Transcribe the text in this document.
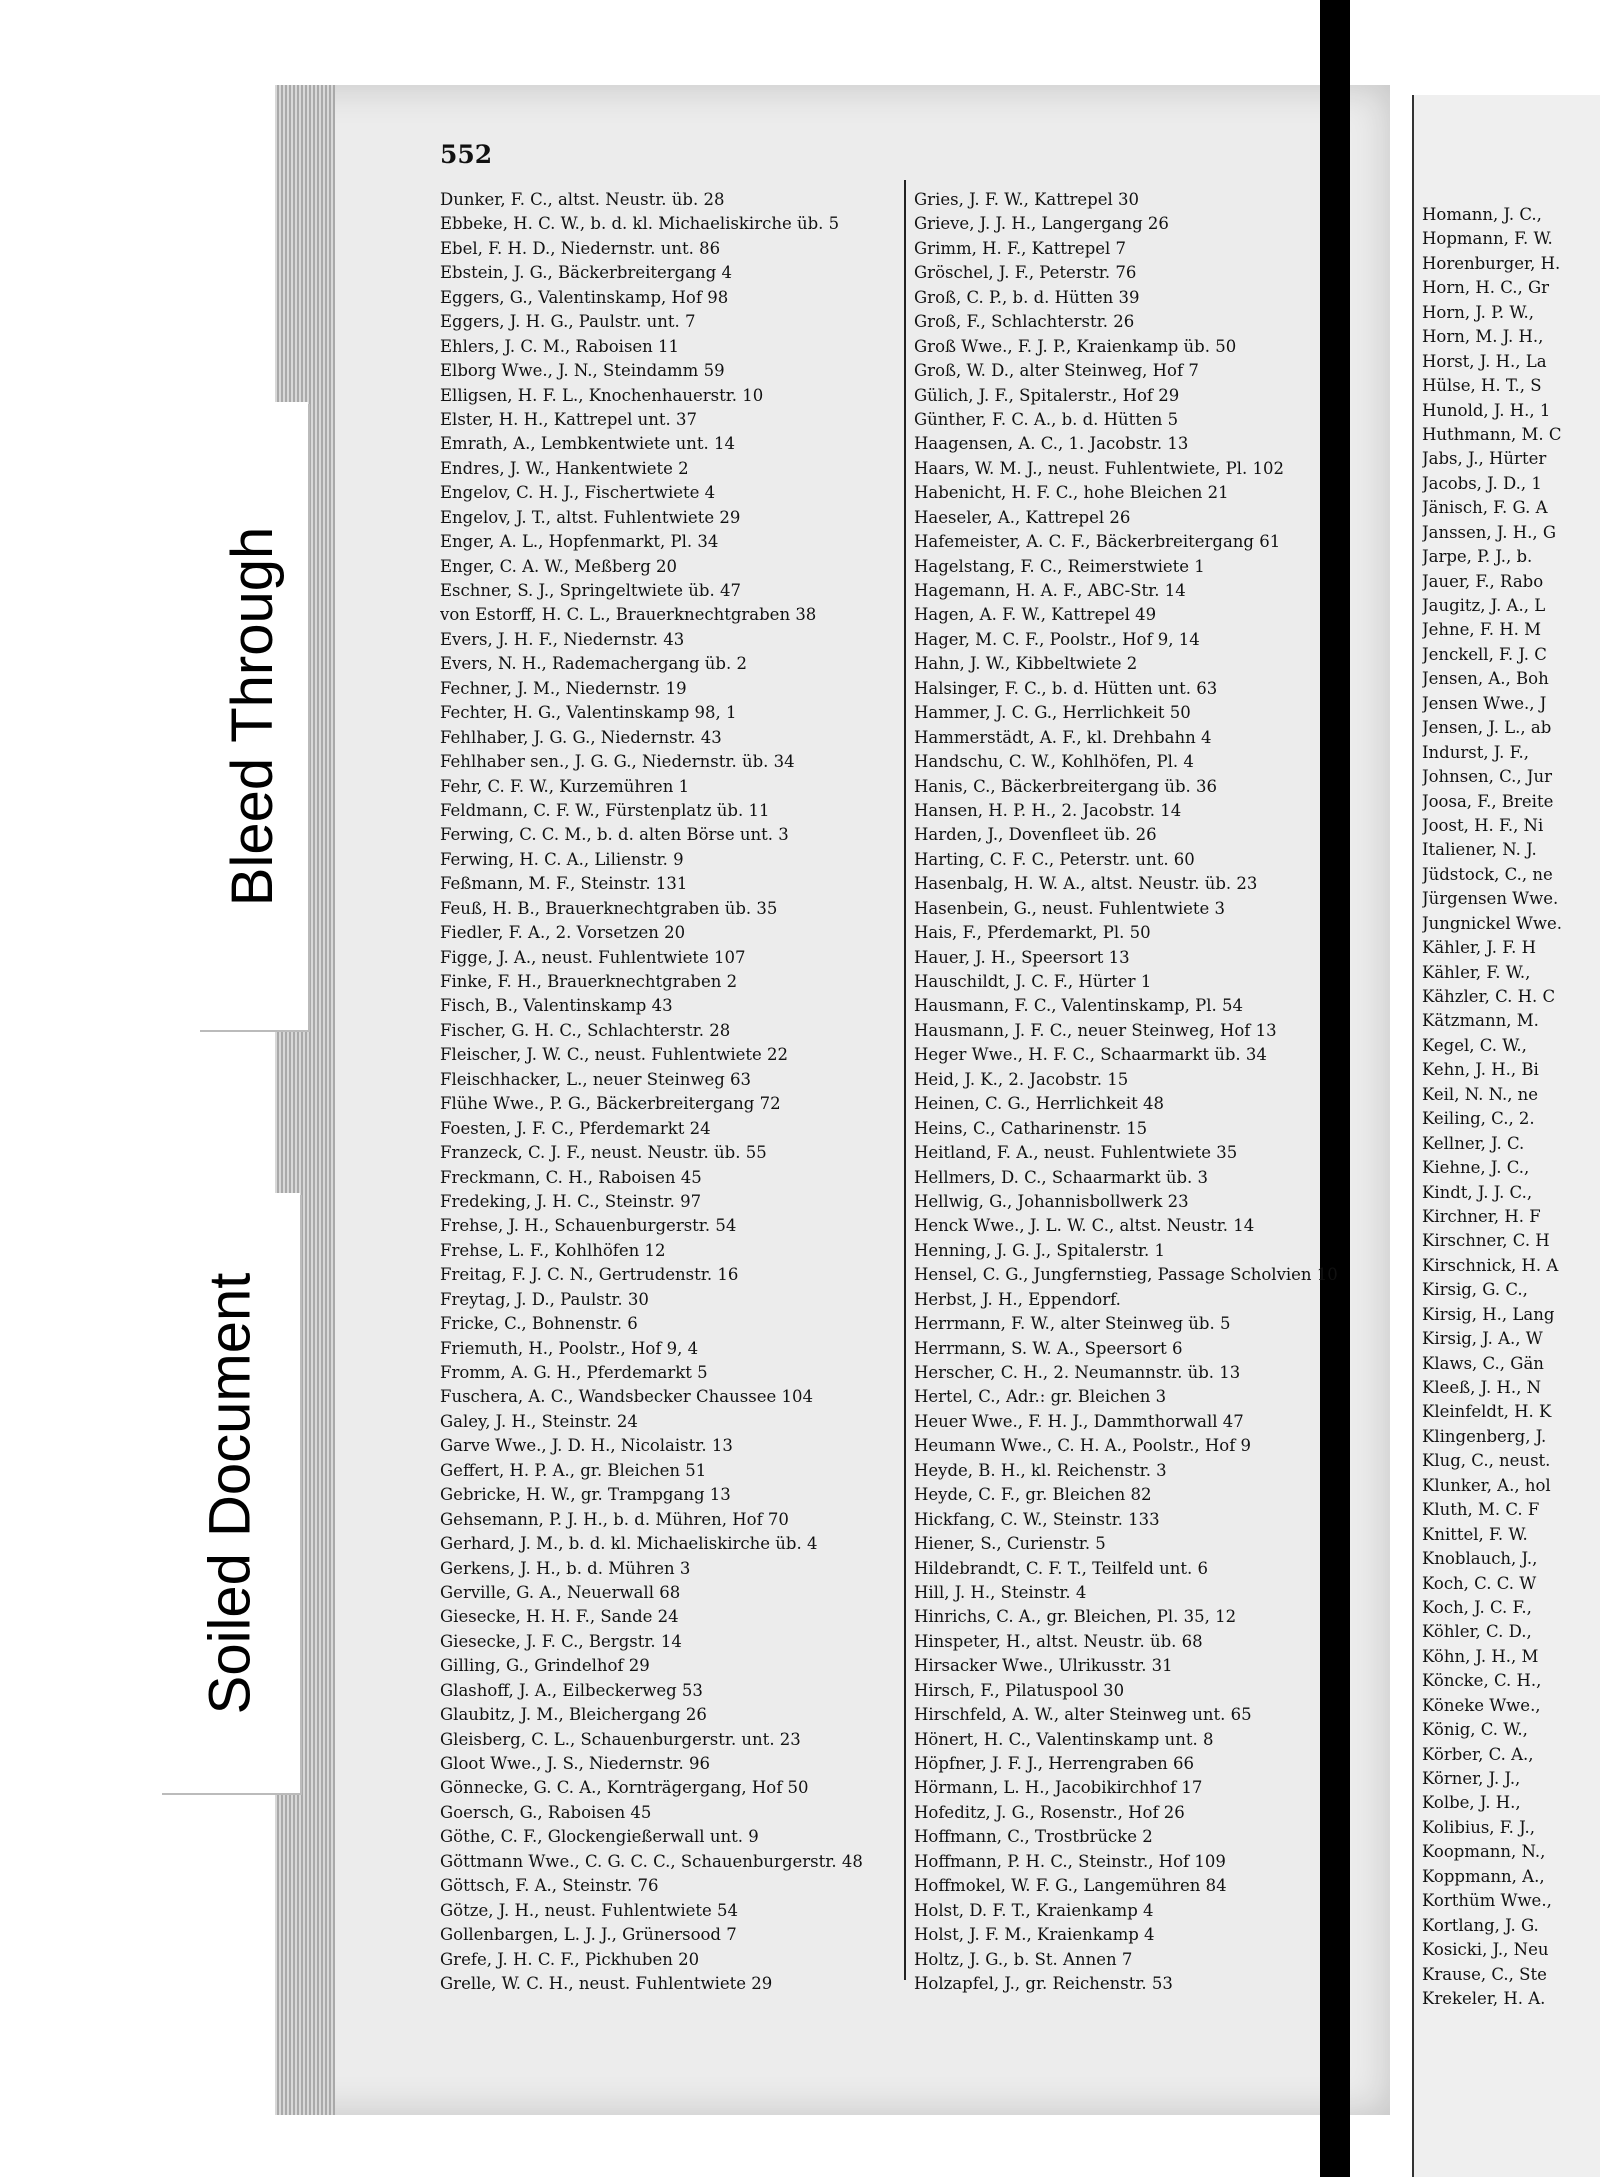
552
Dunker, F. C., altst. Neustr. üb. 28
Ebbeke, H. C. W., b. d. kl. Michaeliskirche üb. 5
Ebel, F. H. D., Niedernstr. unt. 86
Ebstein, J. G., Bäckerbreitergang 4
Eggers, G., Valentinskamp, Hof 98
Eggers, J. H. G., Paulstr. unt. 7
Ehlers, J. C. M., Raboisen 11
Elborg Wwe., J. N., Steindamm 59
Elligsen, H. F. L., Knochenhauerstr. 10
Elster, H. H., Kattrepel unt. 37
Emrath, A., Lembkentwiete unt. 14
Endres, J. W., Hankentwiete 2
Engelov, C. H. J., Fischertwiete 4
Engelov, J. T., altst. Fuhlentwiete 29
Enger, A. L., Hopfenmarkt, Pl. 34
Enger, C. A. W., Meßberg 20
Eschner, S. J., Springeltwiete üb. 47
von Estorff, H. C. L., Brauerknechtgraben 38
Evers, J. H. F., Niedernstr. 43
Evers, N. H., Rademachergang üb. 2
Fechner, J. M., Niedernstr. 19
Fechter, H. G., Valentinskamp 98, 1
Fehlhaber, J. G. G., Niedernstr. 43
Fehlhaber sen., J. G. G., Niedernstr. üb. 34
Fehr, C. F. W., Kurzemühren 1
Feldmann, C. F. W., Fürstenplatz üb. 11
Ferwing, C. C. M., b. d. alten Börse unt. 3
Ferwing, H. C. A., Lilienstr. 9
Feßmann, M. F., Steinstr. 131
Feuß, H. B., Brauerknechtgraben üb. 35
Fiedler, F. A., 2. Vorsetzen 20
Figge, J. A., neust. Fuhlentwiete 107
Finke, F. H., Brauerknechtgraben 2
Fisch, B., Valentinskamp 43
Fischer, G. H. C., Schlachterstr. 28
Fleischer, J. W. C., neust. Fuhlentwiete 22
Fleischhacker, L., neuer Steinweg 63
Flühe Wwe., P. G., Bäckerbreitergang 72
Foesten, J. F. C., Pferdemarkt 24
Franzeck, C. J. F., neust. Neustr. üb. 55
Freckmann, C. H., Raboisen 45
Fredeking, J. H. C., Steinstr. 97
Frehse, J. H., Schauenburgerstr. 54
Frehse, L. F., Kohlhöfen 12
Freitag, F. J. C. N., Gertrudenstr. 16
Freytag, J. D., Paulstr. 30
Fricke, C., Bohnenstr. 6
Friemuth, H., Poolstr., Hof 9, 4
Fromm, A. G. H., Pferdemarkt 5
Fuschera, A. C., Wandsbecker Chaussee 104
Galey, J. H., Steinstr. 24
Garve Wwe., J. D. H., Nicolaistr. 13
Geffert, H. P. A., gr. Bleichen 51
Gebricke, H. W., gr. Trampgang 13
Gehsemann, P. J. H., b. d. Mühren, Hof 70
Gerhard, J. M., b. d. kl. Michaeliskirche üb. 4
Gerkens, J. H., b. d. Mühren 3
Gerville, G. A., Neuerwall 68
Giesecke, H. H. F., Sande 24
Giesecke, J. F. C., Bergstr. 14
Gilling, G., Grindelhof 29
Glashoff, J. A., Eilbeckerweg 53
Glaubitz, J. M., Bleichergang 26
Gleisberg, C. L., Schauenburgerstr. unt. 23
Gloot Wwe., J. S., Niedernstr. 96
Gönnecke, G. C. A., Kornträgergang, Hof 50
Goersch, G., Raboisen 45
Göthe, C. F., Glockengießerwall unt. 9
Göttmann Wwe., C. G. C. C., Schauenburgerstr. 48
Göttsch, F. A., Steinstr. 76
Götze, J. H., neust. Fuhlentwiete 54
Gollenbargen, L. J. J., Grünersood 7
Grefe, J. H. C. F., Pickhuben 20
Grelle, W. C. H., neust. Fuhlentwiete 29
Gries, J. F. W., Kattrepel 30
Grieve, J. J. H., Langergang 26
Grimm, H. F., Kattrepel 7
Gröschel, J. F., Peterstr. 76
Groß, C. P., b. d. Hütten 39
Groß, F., Schlachterstr. 26
Groß Wwe., F. J. P., Kraienkamp üb. 50
Groß, W. D., alter Steinweg, Hof 7
Gülich, J. F., Spitalerstr., Hof 29
Günther, F. C. A., b. d. Hütten 5
Haagensen, A. C., 1. Jacobstr. 13
Haars, W. M. J., neust. Fuhlentwiete, Pl. 102
Habenicht, H. F. C., hohe Bleichen 21
Haeseler, A., Kattrepel 26
Hafemeister, A. C. F., Bäckerbreitergang 61
Hagelstang, F. C., Reimerstwiete 1
Hagemann, H. A. F., ABC-Str. 14
Hagen, A. F. W., Kattrepel 49
Hager, M. C. F., Poolstr., Hof 9, 14
Hahn, J. W., Kibbeltwiete 2
Halsinger, F. C., b. d. Hütten unt. 63
Hammer, J. C. G., Herrlichkeit 50
Hammerstädt, A. F., kl. Drehbahn 4
Handschu, C. W., Kohlhöfen, Pl. 4
Hanis, C., Bäckerbreitergang üb. 36
Hansen, H. P. H., 2. Jacobstr. 14
Harden, J., Dovenfleet üb. 26
Harting, C. F. C., Peterstr. unt. 60
Hasenbalg, H. W. A., altst. Neustr. üb. 23
Hasenbein, G., neust. Fuhlentwiete 3
Hais, F., Pferdemarkt, Pl. 50
Hauer, J. H., Speersort 13
Hauschildt, J. C. F., Hürter 1
Hausmann, F. C., Valentinskamp, Pl. 54
Hausmann, J. F. C., neuer Steinweg, Hof 13
Heger Wwe., H. F. C., Schaarmarkt üb. 34
Heid, J. K., 2. Jacobstr. 15
Heinen, C. G., Herrlichkeit 48
Heins, C., Catharinenstr. 15
Heitland, F. A., neust. Fuhlentwiete 35
Hellmers, D. C., Schaarmarkt üb. 3
Hellwig, G., Johannisbollwerk 23
Henck Wwe., J. L. W. C., altst. Neustr. 14
Henning, J. G. J., Spitalerstr. 1
Hensel, C. G., Jungfernstieg, Passage Scholvien 10
Herbst, J. H., Eppendorf.
Herrmann, F. W., alter Steinweg üb. 5
Herrmann, S. W. A., Speersort 6
Herscher, C. H., 2. Neumannstr. üb. 13
Hertel, C., Adr.: gr. Bleichen 3
Heuer Wwe., F. H. J., Dammthorwall 47
Heumann Wwe., C. H. A., Poolstr., Hof 9
Heyde, B. H., kl. Reichenstr. 3
Heyde, C. F., gr. Bleichen 82
Hickfang, C. W., Steinstr. 133
Hiener, S., Curienstr. 5
Hildebrandt, C. F. T., Teilfeld unt. 6
Hill, J. H., Steinstr. 4
Hinrichs, C. A., gr. Bleichen, Pl. 35, 12
Hinspeter, H., altst. Neustr. üb. 68
Hirsacker Wwe., Ulrikusstr. 31
Hirsch, F., Pilatuspool 30
Hirschfeld, A. W., alter Steinweg unt. 65
Hönert, H. C., Valentinskamp unt. 8
Höpfner, J. F. J., Herrengraben 66
Hörmann, L. H., Jacobikirchhof 17
Hofeditz, J. G., Rosenstr., Hof 26
Hoffmann, C., Trostbrücke 2
Hoffmann, P. H. C., Steinstr., Hof 109
Hoffmokel, W. F. G., Langemühren 84
Holst, D. F. T., Kraienkamp 4
Holst, J. F. M., Kraienkamp 4
Holtz, J. G., b. St. Annen 7
Holzapfel, J., gr. Reichenstr. 53
Homann, J. C.,
Hopmann, F. W.
Horenburger, H.
Horn, H. C., Gr
Horn, J. P. W.,
Horn, M. J. H.,
Horst, J. H., La
Hülse, H. T., S
Hunold, J. H., 1
Huthmann, M. C
Jabs, J., Hürter
Jacobs, J. D., 1
Jänisch, F. G. A
Janssen, J. H., G
Jarpe, P. J., b.
Jauer, F., Rabo
Jaugitz, J. A., L
Jehne, F. H. M
Jenckell, F. J. C
Jensen, A., Boh
Jensen Wwe., J
Jensen, J. L., ab
Indurst, J. F.,
Johnsen, C., Jur
Joosa, F., Breite
Joost, H. F., Ni
Italiener, N. J.
Jüdstock, C., ne
Jürgensen Wwe.
Jungnickel Wwe.
Kähler, J. F. H
Kähler, F. W.,
Kähzler, C. H. C
Kätzmann, M.
Kegel, C. W.,
Kehn, J. H., Bi
Keil, N. N., ne
Keiling, C., 2.
Kellner, J. C.
Kiehne, J. C.,
Kindt, J. J. C.,
Kirchner, H. F
Kirschner, C. H
Kirschnick, H. A
Kirsig, G. C.,
Kirsig, H., Lang
Kirsig, J. A., W
Klaws, C., Gän
Kleeß, J. H., N
Kleinfeldt, H. K
Klingenberg, J.
Klug, C., neust.
Klunker, A., hol
Kluth, M. C. F
Knittel, F. W.
Knoblauch, J.,
Koch, C. C. W
Koch, J. C. F.,
Köhler, C. D.,
Köhn, J. H., M
Köncke, C. H.,
Köneke Wwe.,
König, C. W.,
Körber, C. A.,
Körner, J. J.,
Kolbe, J. H.,
Kolibius, F. J.,
Koopmann, N.,
Koppmann, A.,
Korthüm Wwe.,
Kortlang, J. G.
Kosicki, J., Neu
Krause, C., Ste
Krekeler, H. A.
Bleed Through
Soiled Document
